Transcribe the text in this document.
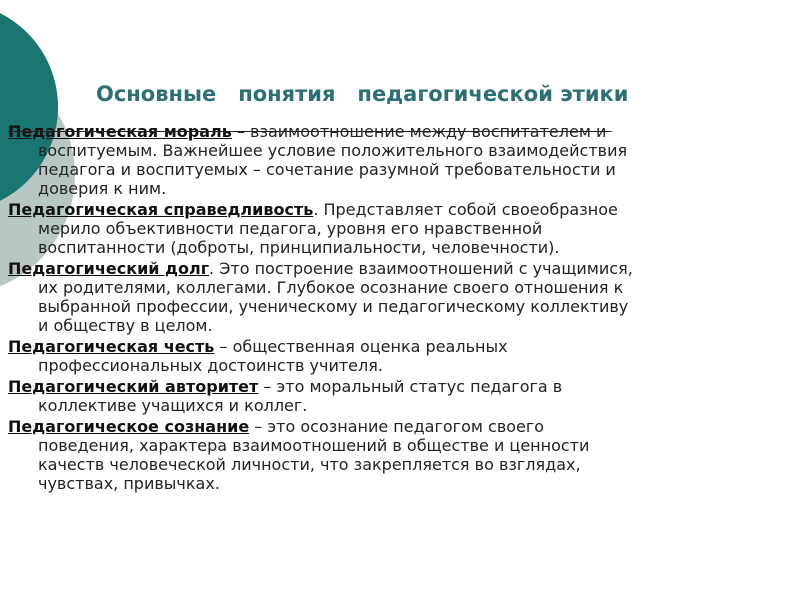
Основные   понятия   педагогической этики
Педагогическая мораль – взаимоотношение между воспитателем и
воспитуемым. Важнейшее условие положительного взаимодействия
педагога и воспитуемых – сочетание разумной требовательности и
доверия к ним.
Педагогическая справедливость. Представляет собой своеобразное
мерило объективности педагога, уровня его нравственной
воспитанности (доброты, принципиальности, человечности).
Педагогический долг. Это построение взаимоотношений с учащимися,
их родителями, коллегами. Глубокое осознание своего отношения к
выбранной профессии, ученическому и педагогическому коллективу
и обществу в целом.
Педагогическая честь – общественная оценка реальных
профессиональных достоинств учителя.
Педагогический авторитет – это моральный статус педагога в
коллективе учащихся и коллег.
Педагогическое сознание – это осознание педагогом своего
поведения, характера взаимоотношений в обществе и ценности
качеств человеческой личности, что закрепляется во взглядах,
чувствах, привычках.
